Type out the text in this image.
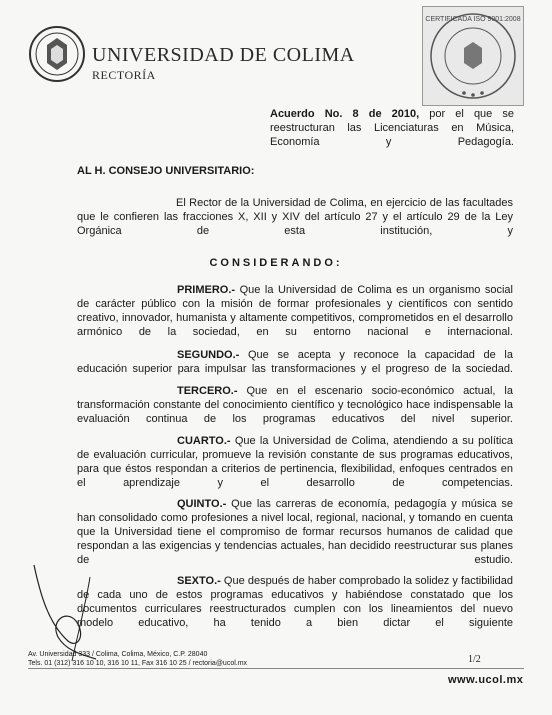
UNIVERSIDAD DE COLIMA
RECTORÍA
CERTIFICADA ISO 9001:2008
Acuerdo No. 8 de 2010, por el que se reestructuran las Licenciaturas en Música, Economía y Pedagogía.
AL H. CONSEJO UNIVERSITARIO:
El Rector de la Universidad de Colima, en ejercicio de las facultades que le confieren las fracciones X, XII y XIV del artículo 27 y el artículo 29 de la Ley Orgánica de esta institución, y
CONSIDERANDO:
PRIMERO.- Que la Universidad de Colima es un organismo social de carácter público con la misión de formar profesionales y científicos con sentido creativo, innovador, humanista y altamente competitivos, comprometidos en el desarrollo armónico de la sociedad, en su entorno nacional e internacional.
SEGUNDO.- Que se acepta y reconoce la capacidad de la educación superior para impulsar las transformaciones y el progreso de la sociedad.
TERCERO.- Que en el escenario socio-económico actual, la transformación constante del conocimiento científico y tecnológico hace indispensable la evaluación continua de los programas educativos del nivel superior.
CUARTO.- Que la Universidad de Colima, atendiendo a su política de evaluación curricular, promueve la revisión constante de sus programas educativos, para que éstos respondan a criterios de pertinencia, flexibilidad, enfoques centrados en el aprendizaje y el desarrollo de competencias.
QUINTO.- Que las carreras de economía, pedagogía y música se han consolidado como profesiones a nivel local, regional, nacional, y tomando en cuenta que la Universidad tiene el compromiso de formar recursos humanos de calidad que respondan a las exigencias y tendencias actuales, han decidido reestructurar sus planes de estudio.
SEXTO.- Que después de haber comprobado la solidez y factibilidad de cada uno de estos programas educativos y habiéndose constatado que los documentos curriculares reestructurados cumplen con los lineamientos del nuevo modelo educativo, ha tenido a bien dictar el siguiente
Av. Universidad 333 / Colima, Colima, México, C.P. 28040
Tels. 01 (312) 316 10 10, 316 10 11, Fax 316 10 25 / rectoria@ucol.mx	1/2
www.ucol.mx
